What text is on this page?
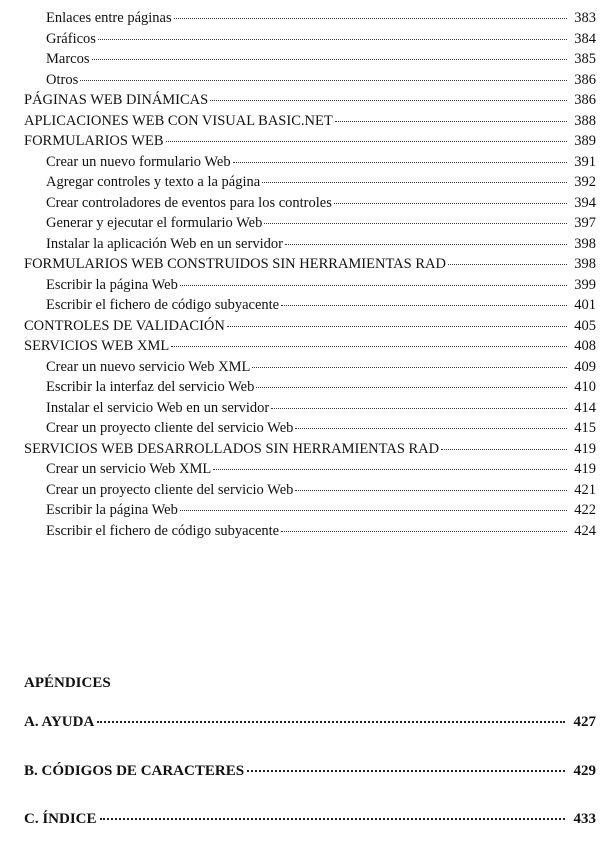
Enlaces entre páginas	383
Gráficos	384
Marcos	385
Otros	386
PÁGINAS WEB DINÁMICAS	386
APLICACIONES WEB CON VISUAL BASIC.NET	388
FORMULARIOS WEB	389
Crear un nuevo formulario Web	391
Agregar controles y texto a la página	392
Crear controladores de eventos para los controles	394
Generar y ejecutar el formulario Web	397
Instalar la aplicación Web en un servidor	398
FORMULARIOS WEB CONSTRUIDOS SIN HERRAMIENTAS RAD	398
Escribir la página Web	399
Escribir el fichero de código subyacente	401
CONTROLES DE VALIDACIÓN	405
SERVICIOS WEB XML	408
Crear un nuevo servicio Web XML	409
Escribir la interfaz del servicio Web	410
Instalar el servicio Web en un servidor	414
Crear un proyecto cliente del servicio Web	415
SERVICIOS WEB DESARROLLADOS SIN HERRAMIENTAS RAD	419
Crear un servicio Web XML	419
Crear un proyecto cliente del servicio Web	421
Escribir la página Web	422
Escribir el fichero de código subyacente	424
APÉNDICES
A. AYUDA	427
B. CÓDIGOS DE CARACTERES	429
C. ÍNDICE	433
